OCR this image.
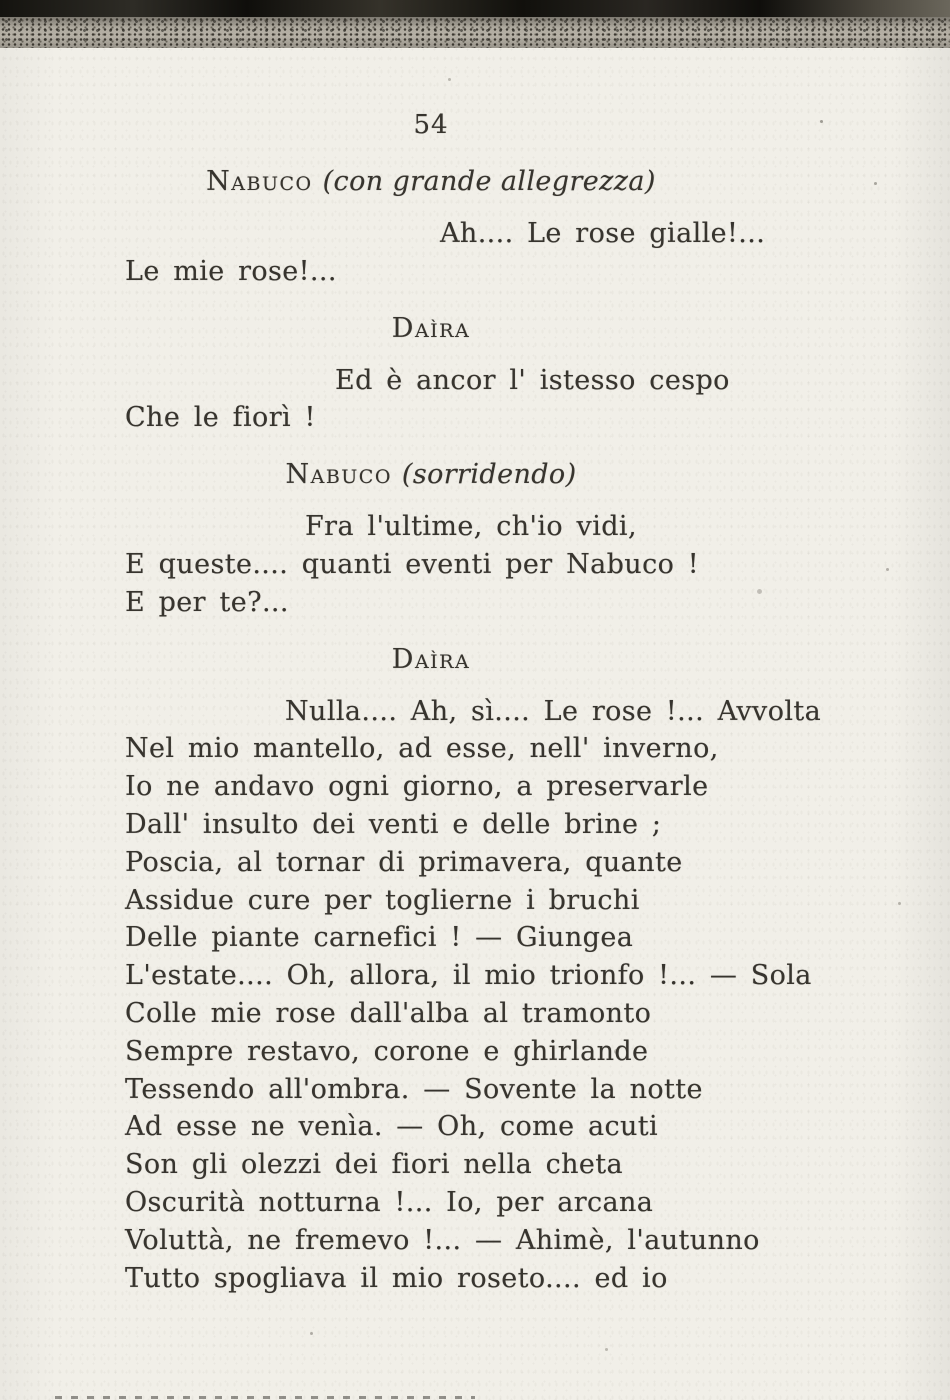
54
Nabuco (con grande allegrezza)
Ah.... Le rose gialle!...
Le mie rose!...
Daìra
Ed è ancor l' istesso cespo
Che le fiorì !
Nabuco (sorridendo)
Fra l'ultime, ch'io vidi,
E queste.... quanti eventi per Nabuco !
E per te?...
Daìra
Nulla.... Ah, sì.... Le rose !... Avvolta
Nel mio mantello, ad esse, nell' inverno,
Io ne andavo ogni giorno, a preservarle
Dall' insulto dei venti e delle brine ;
Poscia, al tornar di primavera, quante
Assidue cure per toglierne i bruchi
Delle piante carnefici ! — Giungea
L'estate.... Oh, allora, il mio trionfo !... — Sola
Colle mie rose dall'alba al tramonto
Sempre restavo, corone e ghirlande
Tessendo all'ombra. — Sovente la notte
Ad esse ne venìa. — Oh, come acuti
Son gli olezzi dei fiori nella cheta
Oscurità notturna !... Io, per arcana
Voluttà, ne fremevo !... — Ahimè, l'autunno
Tutto spogliava il mio roseto.... ed io
